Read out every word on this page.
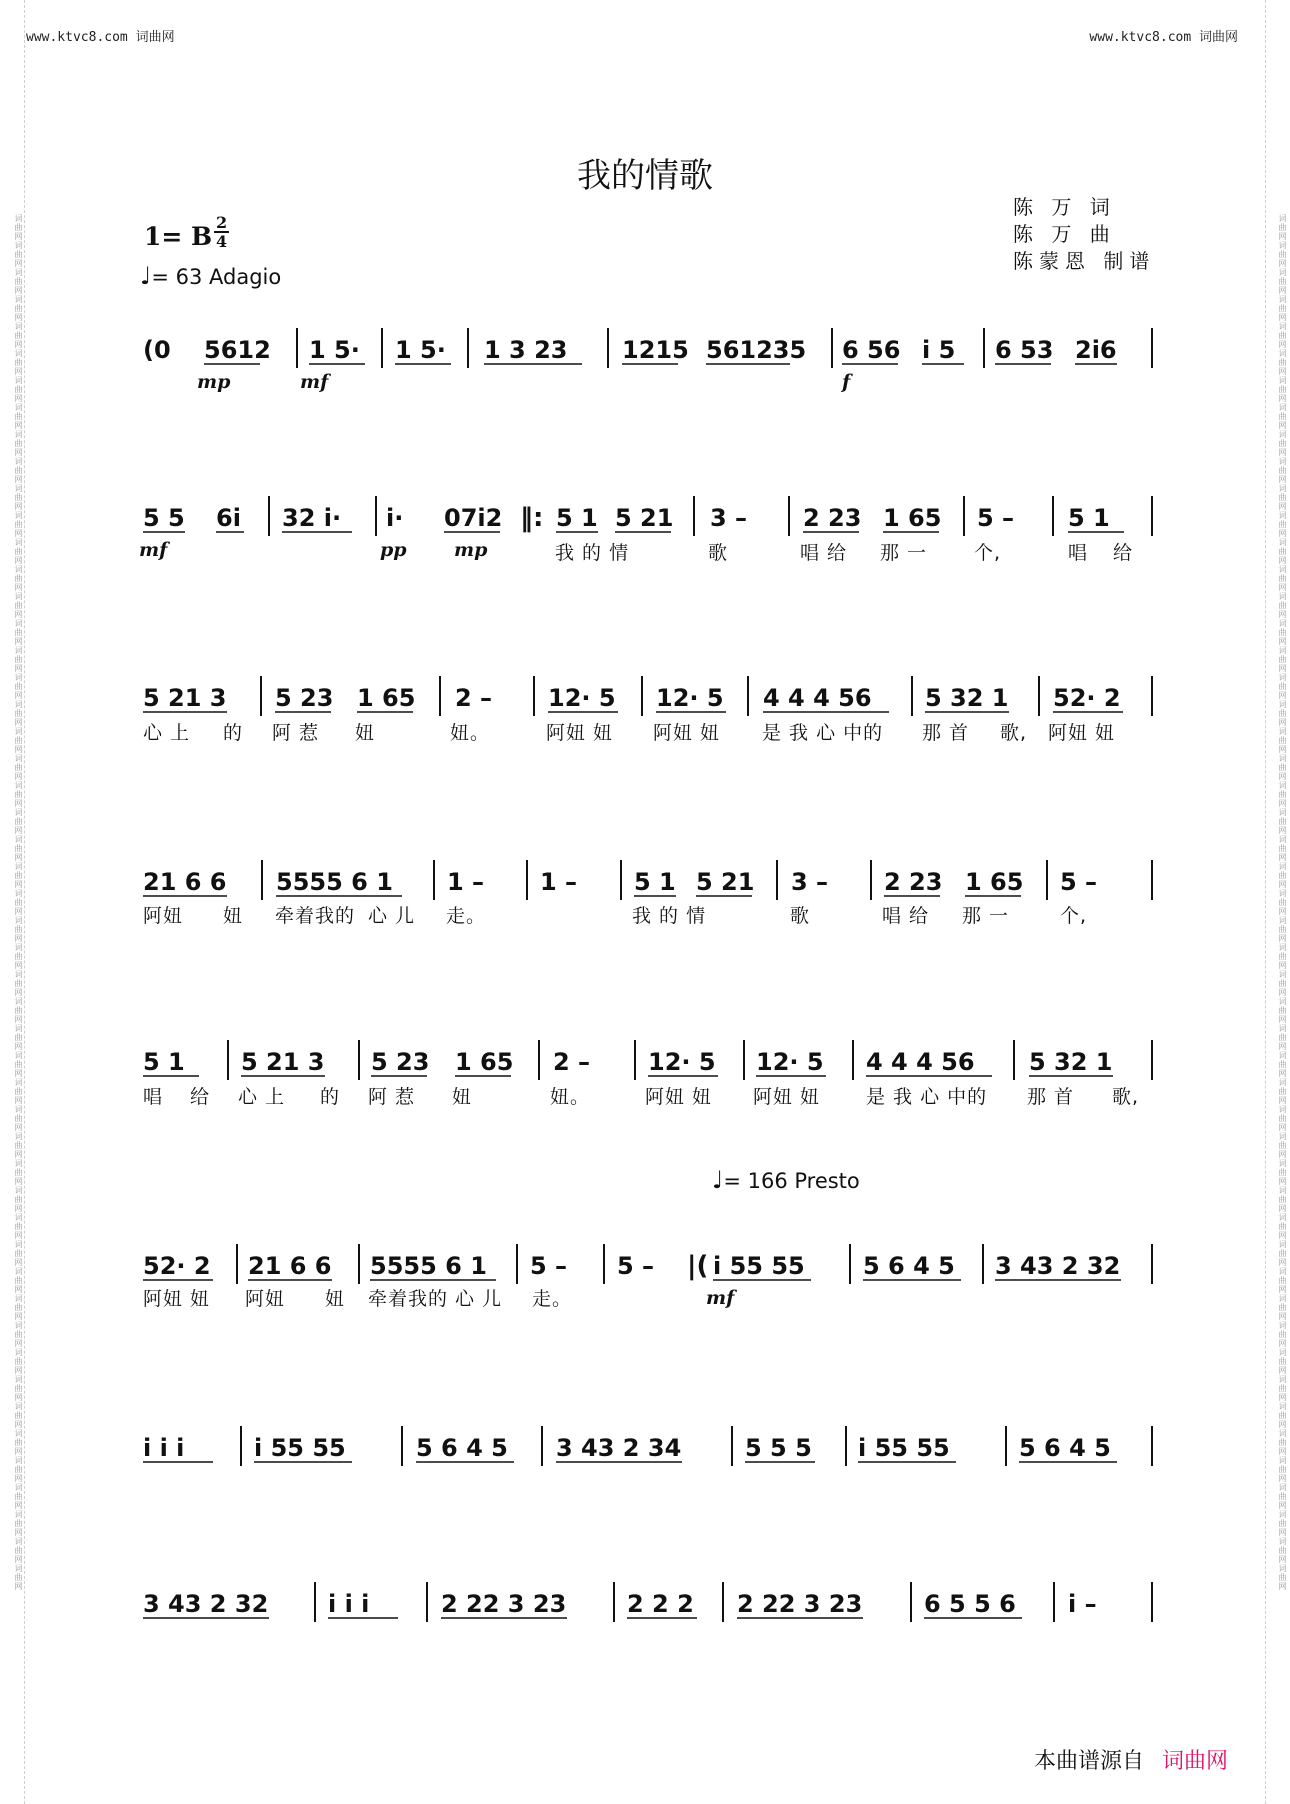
词曲网词曲网词曲网词曲网词曲网词曲网词曲网词曲网词曲网词曲网词曲网词曲网词曲网词曲网词曲网词曲网词曲网词曲网词曲网词曲网词曲网词曲网词曲网词曲网词曲网词曲网词曲网词曲网词曲网词曲网词曲网词曲网词曲网词曲网词曲网词曲网词曲网词曲网词曲网词曲网词曲网词曲网词曲网词曲网词曲网词曲网词曲网词曲网词曲网词曲网词曲网	词曲网词曲网词曲网词曲网词曲网词曲网词曲网词曲网词曲网词曲网词曲网词曲网词曲网词曲网词曲网词曲网词曲网词曲网词曲网词曲网词曲网词曲网词曲网词曲网词曲网词曲网词曲网词曲网词曲网词曲网词曲网词曲网词曲网词曲网词曲网词曲网词曲网词曲网词曲网词曲网词曲网词曲网词曲网词曲网词曲网词曲网词曲网词曲网词曲网词曲网词曲网
www.ktvc8.com 词曲网	www.ktvc8.com 词曲网
我的情歌
1= B $\frac{2}{4}$
♩= 63 Adagio
陈 万 词
陈 万 曲
陈蒙恩 制谱
♩= 166 Presto
(0 5612 1 5· 1 5· 1 3 23 1215 561235 6 56 i 5 6 53 2i6
mp	mf	f
5 5 6i 32 i· i· 07i2 ‖: 5 1 5 21 3 – 2 23 1 65 5 – 5 1
mf	pp mp
5 21 3 5 23 1 65 2 – 12· 5 12· 5 4 4 4 56 5 32 1 52· 2
21 6 6 5555 6 1 1 – 1 – 5 1 5 21 3 – 2 23 1 65 5 –
5 1 5 21 3 5 23 1 65 2 – 12· 5 12· 5 4 4 4 56 5 32 1
52· 2 21 6 6 5555 6 1 5 – 5 – |( i 55 55 5 6 4 5 3 43 2 32
mf
i i i	i 55 55	5 6 4 5 3 43 2 34	5 5 5 i 55 55	5 6 4 5
3 43 2 32 i i i	2 22 3 23	2 2 2 2 22 3 23	6 5 5 6 i –
我 的 情	歌	唱 给 那 一 个,	唱 给
心 上 的 阿 惹 妞	妞。	阿妞 妞 阿妞 妞 是 我 心 中的 那 首 歌, 阿妞 妞
阿妞 妞 牵着我的 心 儿 走。	我 的 情	歌	唱 给 那 一	个,
唱 给 心 上 的 阿 惹 妞	妞。	阿妞 妞 阿妞 妞 是 我 心 中的 那 首 歌,
阿妞 妞 阿妞 妞 牵着我的 心 儿 走。
本曲谱源自 词曲网
